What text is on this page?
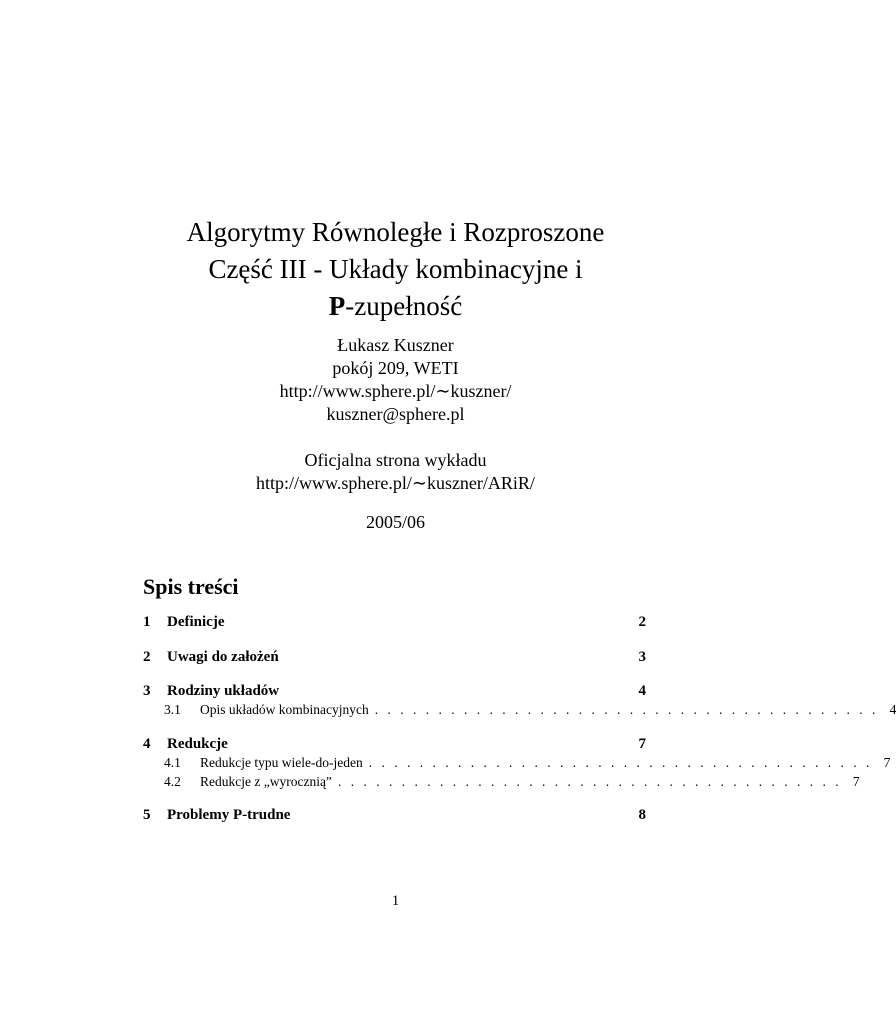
Algorytmy Równoległe i Rozproszone
Część III - Układy kombinacyjne i
P-zupełność
Łukasz Kuszner
pokój 209, WETI
http://www.sphere.pl/∼kuszner/
kuszner@sphere.pl
Oficjalna strona wykładu
http://www.sphere.pl/∼kuszner/ARiR/
2005/06
Spis treści
1	Definicje	2
2	Uwagi do założeń	3
3	Rodziny układów	4
3.1	Opis układów kombinacyjnych . . . . . . . . . . . . . . . . . . . . . . . . . . . . . . . . . . . . . . . . 4
4	Redukcje	7
4.1	Redukcje typu wiele-do-jeden . . . . . . . . . . . . . . . . . . . . . . . . . . . . . . . . . . . . . . . . 7
4.2	Redukcje z „wyrocznią” . . . . . . . . . . . . . . . . . . . . . . . . . . . . . . . . . . . . . . . . 7
5	Problemy P-trudne	8
1
